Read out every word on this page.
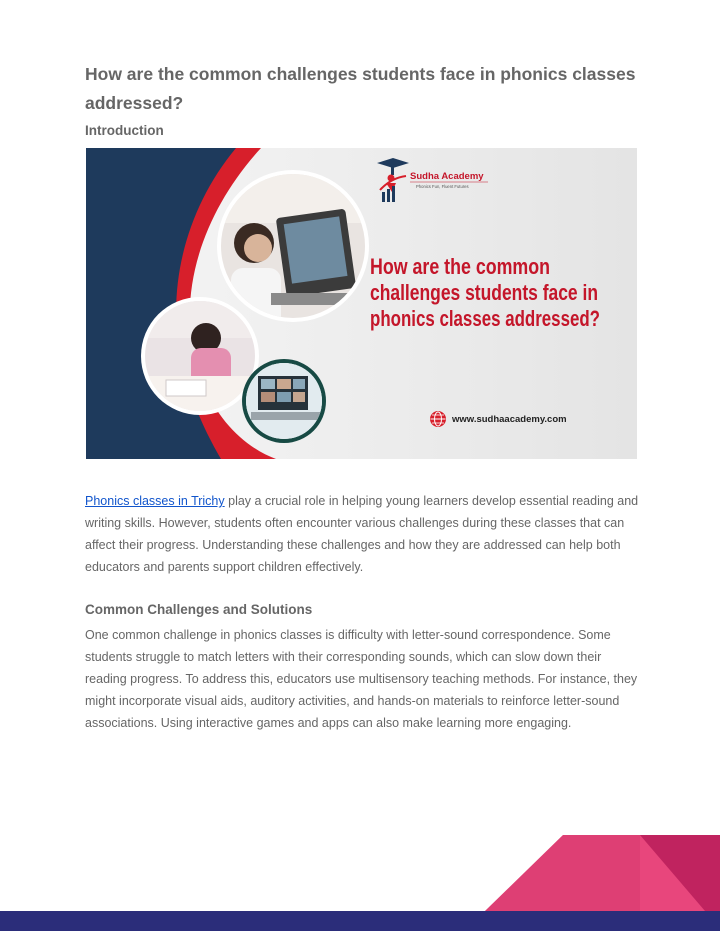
How are the common challenges students face in phonics classes addressed?
Introduction
Sudha Academy
Phonics Fun, Fluent Futures
How are the common
challenges students face in
phonics classes addressed?
www.sudhaacademy.com
Phonics classes in Trichy play a crucial role in helping young learners develop essential reading and writing skills. However, students often encounter various challenges during these classes that can affect their progress. Understanding these challenges and how they are addressed can help both educators and parents support children effectively.
Common Challenges and Solutions
One common challenge in phonics classes is difficulty with letter-sound correspondence. Some students struggle to match letters with their corresponding sounds, which can slow down their reading progress. To address this, educators use multisensory teaching methods. For instance, they might incorporate visual aids, auditory activities, and hands-on materials to reinforce letter-sound associations. Using interactive games and apps can also make learning more engaging.
